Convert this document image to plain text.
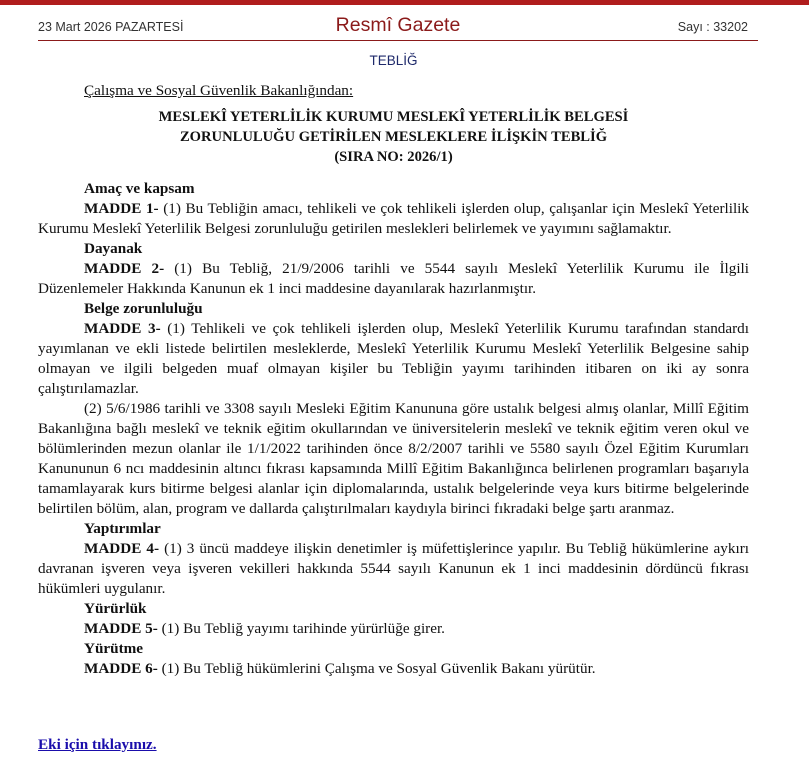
23 Mart 2026 PAZARTESİ	Resmî Gazete	Sayı : 33202
TEBLİĞ

Çalışma ve Sosyal Güvenlik Bakanlığından:

MESLEKÎ YETERLİLİK KURUMU MESLEKÎ YETERLİLİK BELGESİ

ZORUNLULUĞU GETİRİLEN MESLEKLERE İLİŞKİN TEBLİĞ

(SIRA NO: 2026/1)

Amaç ve kapsam

MADDE 1- (1) Bu Tebliğin amacı, tehlikeli ve çok tehlikeli işlerden olup, çalışanlar için Meslekî Yeterlilik Kurumu Meslekî Yeterlilik Belgesi zorunluluğu getirilen meslekleri belirlemek ve yayımını sağlamaktır.

Dayanak

MADDE 2- (1) Bu Tebliğ, 21/9/2006 tarihli ve 5544 sayılı Meslekî Yeterlilik Kurumu ile İlgili Düzenlemeler Hakkında Kanunun ek 1 inci maddesine dayanılarak hazırlanmıştır.

Belge zorunluluğu

MADDE 3- (1) Tehlikeli ve çok tehlikeli işlerden olup, Meslekî Yeterlilik Kurumu tarafından standardı yayımlanan ve ekli listede belirtilen mesleklerde, Meslekî Yeterlilik Kurumu Meslekî Yeterlilik Belgesine sahip olmayan ve ilgili belgeden muaf olmayan kişiler bu Tebliğin yayımı tarihinden itibaren on iki ay sonra çalıştırılamazlar.

(2) 5/6/1986 tarihli ve 3308 sayılı Mesleki Eğitim Kanununa göre ustalık belgesi almış olanlar, Millî Eğitim Bakanlığına bağlı meslekî ve teknik eğitim okullarından ve üniversitelerin meslekî ve teknik eğitim veren okul ve bölümlerinden mezun olanlar ile 1/1/2022 tarihinden önce 8/2/2007 tarihli ve 5580 sayılı Özel Eğitim Kurumları Kanununun 6 ncı maddesinin altıncı fıkrası kapsamında Millî Eğitim Bakanlığınca belirlenen programları başarıyla tamamlayarak kurs bitirme belgesi alanlar için diplomalarında, ustalık belgelerinde veya kurs bitirme belgelerinde belirtilen bölüm, alan, program ve dallarda çalıştırılmaları kaydıyla birinci fıkradaki belge şartı aranmaz.

Yaptırımlar

MADDE 4- (1) 3 üncü maddeye ilişkin denetimler iş müfettişlerince yapılır. Bu Tebliğ hükümlerine aykırı davranan işveren veya işveren vekilleri hakkında 5544 sayılı Kanunun ek 1 inci maddesinin dördüncü fıkrası hükümleri uygulanır.

Yürürlük

MADDE 5- (1) Bu Tebliğ yayımı tarihinde yürürlüğe girer.

Yürütme

MADDE 6- (1) Bu Tebliğ hükümlerini Çalışma ve Sosyal Güvenlik Bakanı yürütür.

Eki için tıklayınız.
